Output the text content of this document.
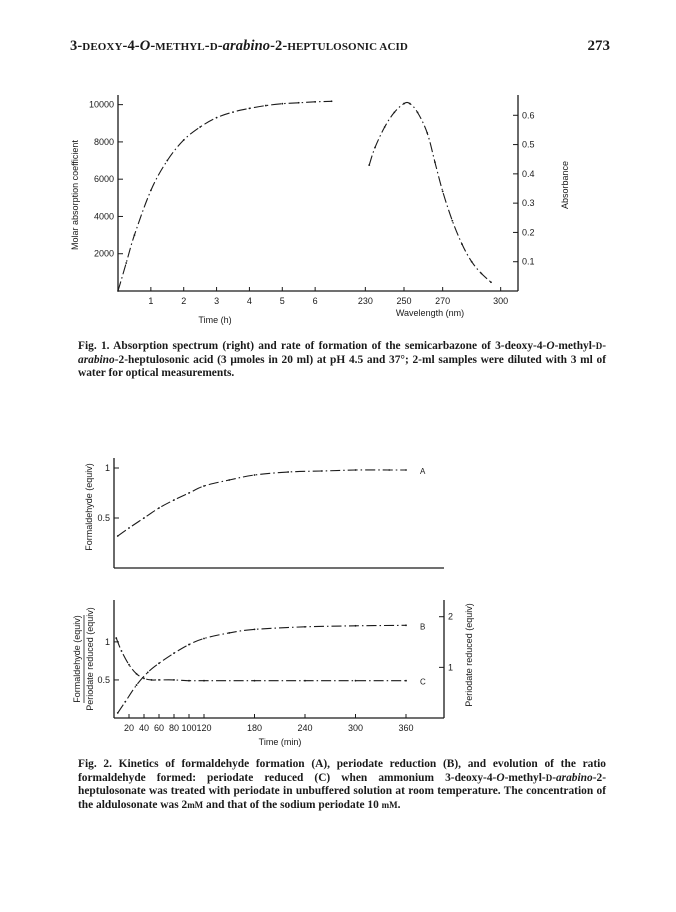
3-DEOXY-4-O-METHYL-D-arabino-2-HEPTULOSONIC ACID	273
2000
4000
6000
8000
10000
1	2	3	4	5	6
Time (h)
Molar absorption coefficient
0.1
0.2
0.3
0.4
0.5
0.6
230	250	270	300
Wavelength (nm)
Absorbance
0.5
1
Formaldehyde (equiv)	A
0.5
1
1
2
20 40 60 80 100 120	180	240	300	360
Time (min)
Formaldehyde (equiv) Periodate reduced (equiv)	Periodate reduced (equiv)
B
C
Fig. 1. Absorption spectrum (right) and rate of formation of the semicarbazone of 3-deoxy-4-O-methyl-D-arabino-2-heptulosonic acid (3 μmoles in 20 ml) at pH 4.5 and 37°; 2-ml samples were diluted with 3 ml of water for optical measurements.
Fig. 2. Kinetics of formaldehyde formation (A), periodate reduction (B), and evolution of the ratio formaldehyde formed: periodate reduced (C) when ammonium 3-deoxy-4-O-methyl-D-arabino-2-heptulosonate was treated with periodate in unbuffered solution at room temperature. The concentration of the aldulosonate was 2mM and that of the sodium periodate 10 mM.
